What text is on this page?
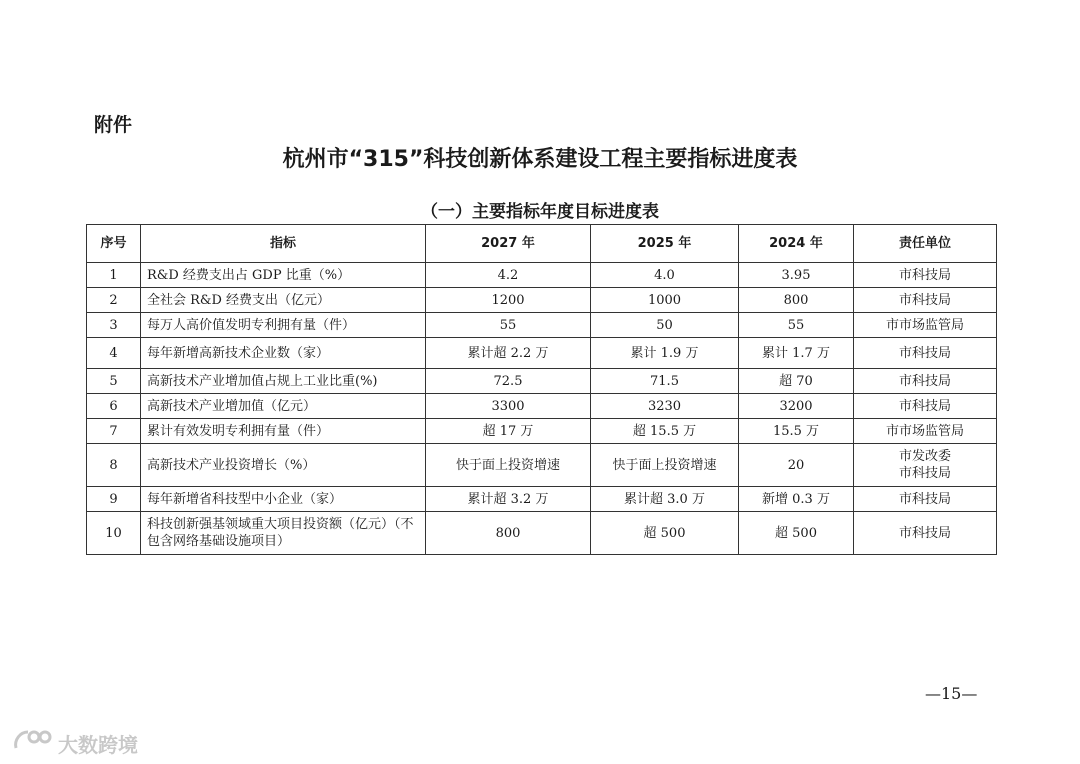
附件
杭州市“315”科技创新体系建设工程主要指标进度表
（一）主要指标年度目标进度表
序号	指标	2027 年	2025 年	2024 年	责任单位
1	R&D 经费支出占 GDP 比重（%）	4.2	4.0	3.95	市科技局
2	全社会 R&D 经费支出（亿元）	1200	1000	800	市科技局
3	每万人高价值发明专利拥有量（件）	55	50	55	市市场监管局
4	每年新增高新技术企业数（家）	累计超 2.2 万	累计 1.9 万	累计 1.7 万	市科技局
5	高新技术产业增加值占规上工业比重(%)	72.5	71.5	超 70	市科技局
6	高新技术产业增加值（亿元）	3300	3230	3200	市科技局
7	累计有效发明专利拥有量（件）	超 17 万	超 15.5 万	15.5 万	市市场监管局
8	高新技术产业投资增长（%）	快于面上投资增速	快于面上投资增速	20	市发改委
市科技局

9	每年新增省科技型中小企业（家）	累计超 3.2 万	累计超 3.0 万	新增 0.3 万	市科技局
10	科技创新强基领域重大项目投资额（亿元）（不包含网络基础设施项目）	800	超 500	超 500	市科技局
—15—
大数跨境
